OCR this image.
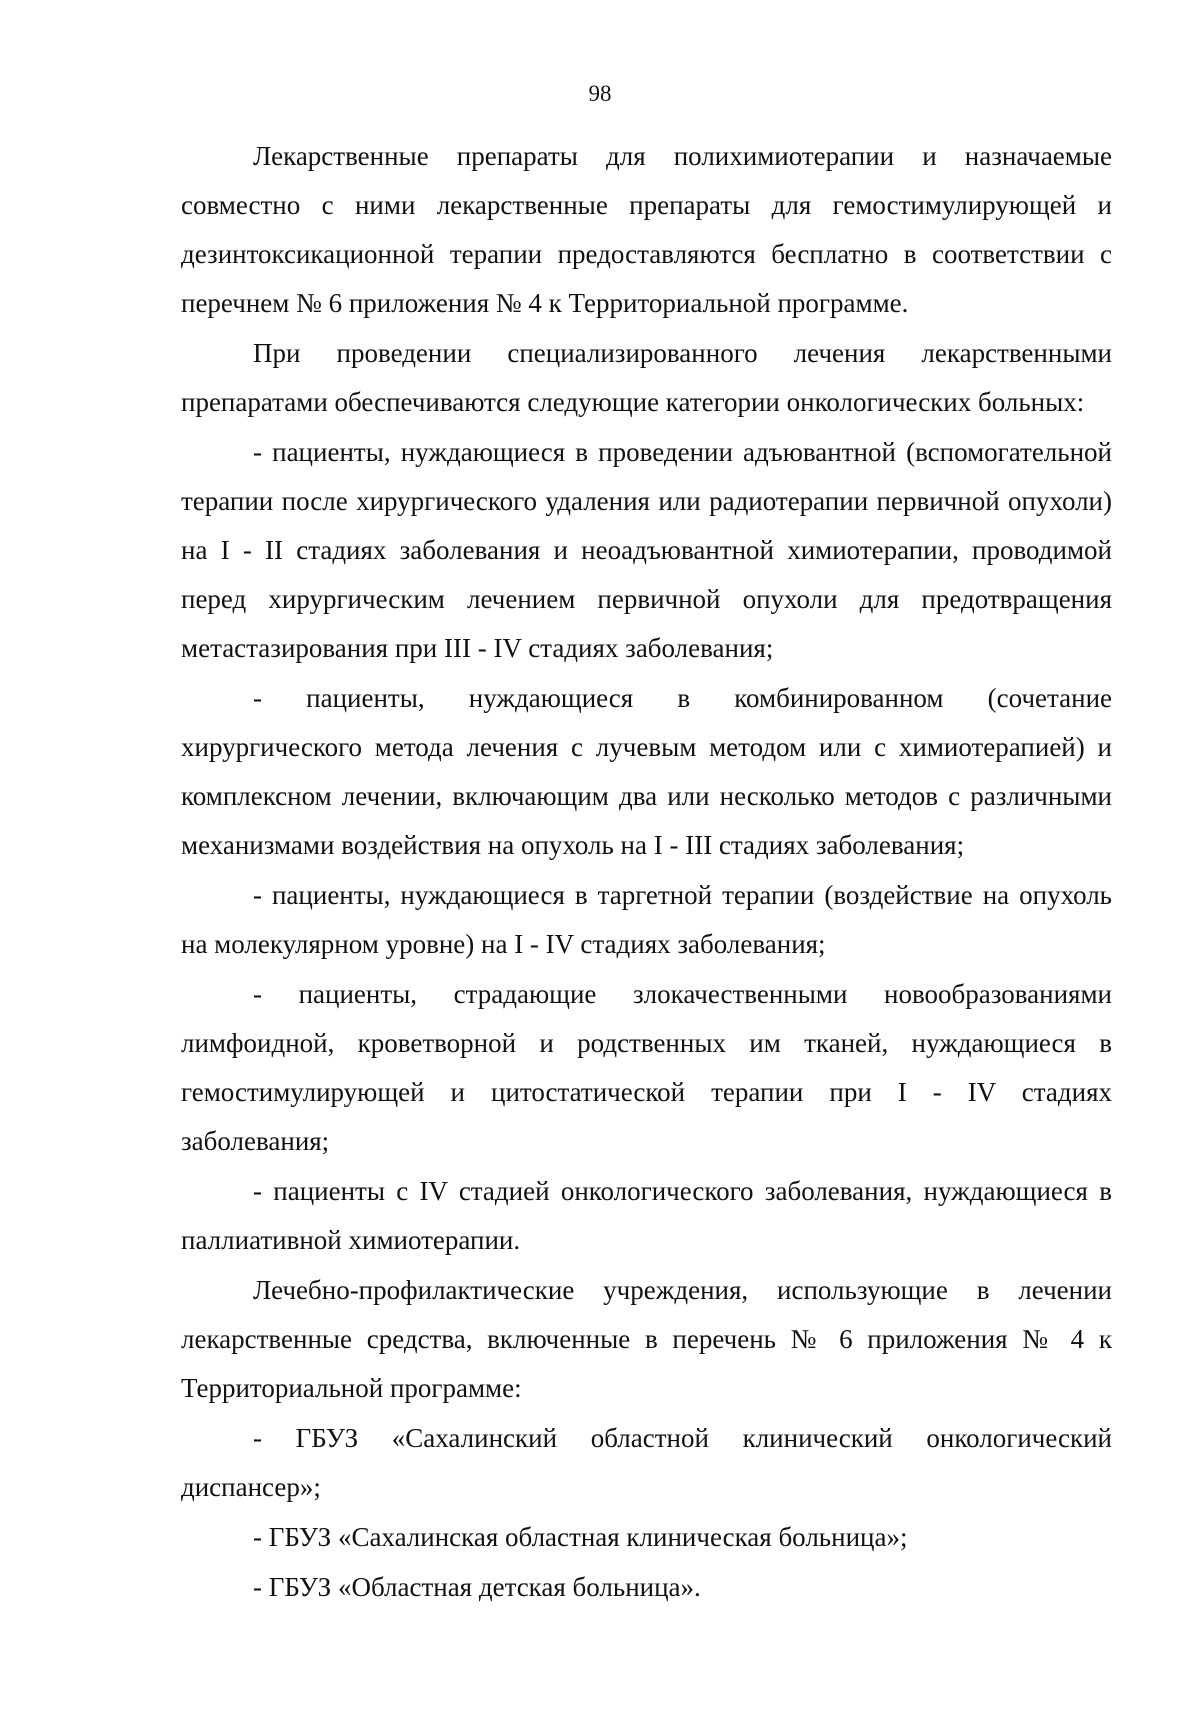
98

Лекарственные препараты для полихимиотерапии и назначаемые совместно с ними лекарственные препараты для гемостимулирующей и дезинтоксикационной терапии предоставляются бесплатно в соответствии с перечнем № 6 приложения № 4 к Территориальной программе.

При проведении специализированного лечения лекарственными препаратами обеспечиваются следующие категории онкологических больных:

- пациенты, нуждающиеся в проведении адъювантной (вспомогательной терапии после хирургического удаления или радиотерапии первичной опухоли) на I - II стадиях заболевания и неоадъювантной химиотерапии, проводимой перед хирургическим лечением первичной опухоли для предотвращения метастазирования при III - IV стадиях заболевания;

- пациенты, нуждающиеся в комбинированном (сочетание хирургического метода лечения с лучевым методом или с химиотерапией) и комплексном лечении, включающим два или несколько методов с различными механизмами воздействия на опухоль на I - III стадиях заболевания;

- пациенты, нуждающиеся в таргетной терапии (воздействие на опухоль на молекулярном уровне) на I - IV стадиях заболевания;

- пациенты, страдающие злокачественными новообразованиями лимфоидной, кроветворной и родственных им тканей, нуждающиеся в гемостимулирующей и цитостатической терапии при I - IV стадиях заболевания;

- пациенты с IV стадией онкологического заболевания, нуждающиеся в паллиативной химиотерапии.

Лечебно-профилактические учреждения, использующие в лечении лекарственные средства, включенные в перечень № 6 приложения № 4 к Территориальной программе:

- ГБУЗ «Сахалинский областной клинический онкологический диспансер»;

- ГБУЗ «Сахалинская областная клиническая больница»;

- ГБУЗ «Областная детская больница».
